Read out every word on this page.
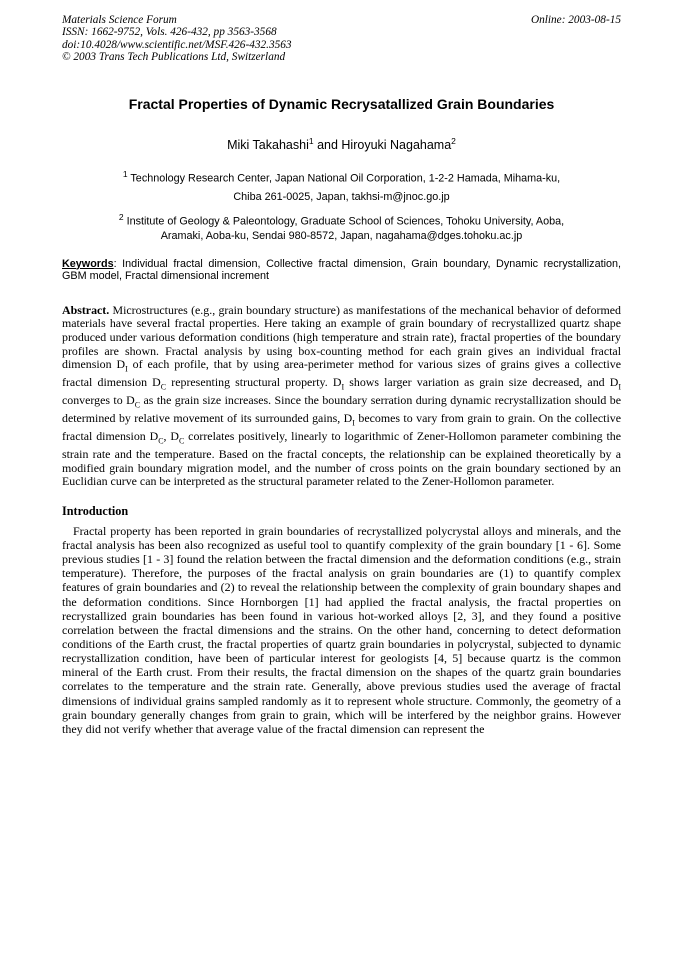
Materials Science Forum
ISSN: 1662-9752, Vols. 426-432, pp 3563-3568
doi:10.4028/www.scientific.net/MSF.426-432.3563
© 2003 Trans Tech Publications Ltd, Switzerland
Online: 2003-08-15
Fractal Properties of Dynamic Recrysatallized Grain Boundaries
Miki Takahashi$^1$ and Hiroyuki Nagahama$^2$
$^1$ Technology Research Center, Japan National Oil Corporation, 1-2-2 Hamada, Mihama-ku,
Chiba 261-0025, Japan, takhsi-m@jnoc.go.jp
$^2$ Institute of Geology & Paleontology, Graduate School of Sciences, Tohoku University, Aoba,
Aramaki, Aoba-ku, Sendai 980-8572, Japan, nagahama@dges.tohoku.ac.jp

Keywords: Individual fractal dimension, Collective fractal dimension, Grain boundary, Dynamic recrystallization, GBM model, Fractal dimensional increment

Abstract. Microstructures (e.g., grain boundary structure) as manifestations of the mechanical behavior of deformed materials have several fractal properties. Here taking an example of grain boundary of recrystallized quartz shape produced under various deformation conditions (high temperature and strain rate), fractal properties of the boundary profiles are shown. Fractal analysis by using box-counting method for each grain gives an individual fractal dimension $D_I$ of each profile, that by using area-perimeter method for various sizes of grains gives a collective fractal dimension $D_C$ representing structural property. $D_I$ shows larger variation as grain size decreased, and $D_I$ converges to $D_C$ as the grain size increases. Since the boundary serration during dynamic recrystallization should be determined by relative movement of its surrounded gains, $D_I$ becomes to vary from grain to grain. On the collective fractal dimension $D_C$, $D_C$ correlates positively, linearly to logarithmic of Zener-Hollomon parameter combining the strain rate and the temperature. Based on the fractal concepts, the relationship can be explained theoretically by a modified grain boundary migration model, and the number of cross points on the grain boundary sectioned by an Euclidian curve can be interpreted as the structural parameter related to the Zener-Hollomon parameter.

Introduction

Fractal property has been reported in grain boundaries of recrystallized polycrystal alloys and minerals, and the fractal analysis has been also recognized as useful tool to quantify complexity of the grain boundary [1 - 6]. Some previous studies [1 - 3] found the relation between the fractal dimension and the deformation conditions (e.g., strain temperature). Therefore, the purposes of the fractal analysis on grain boundaries are (1) to quantify complex features of grain boundaries and (2) to reveal the relationship between the complexity of grain boundary shapes and the deformation conditions. Since Hornborgen [1] had applied the fractal analysis, the fractal properties on recrystallized grain boundaries has been found in various hot-worked alloys [2, 3], and they found a positive correlation between the fractal dimensions and the strains. On the other hand, concerning to detect deformation conditions of the Earth crust, the fractal properties of quartz grain boundaries in polycrystal, subjected to dynamic recrystallization condition, have been of particular interest for geologists [4, 5] because quartz is the common mineral of the Earth crust. From their results, the fractal dimension on the shapes of the quartz grain boundaries correlates to the temperature and the strain rate. Generally, above previous studies used the average of fractal dimensions of individual grains sampled randomly as it to represent whole structure. Commonly, the geometry of a grain boundary generally changes from grain to grain, which will be interfered by the neighbor grains. However they did not verify whether that average value of the fractal dimension can represent the
